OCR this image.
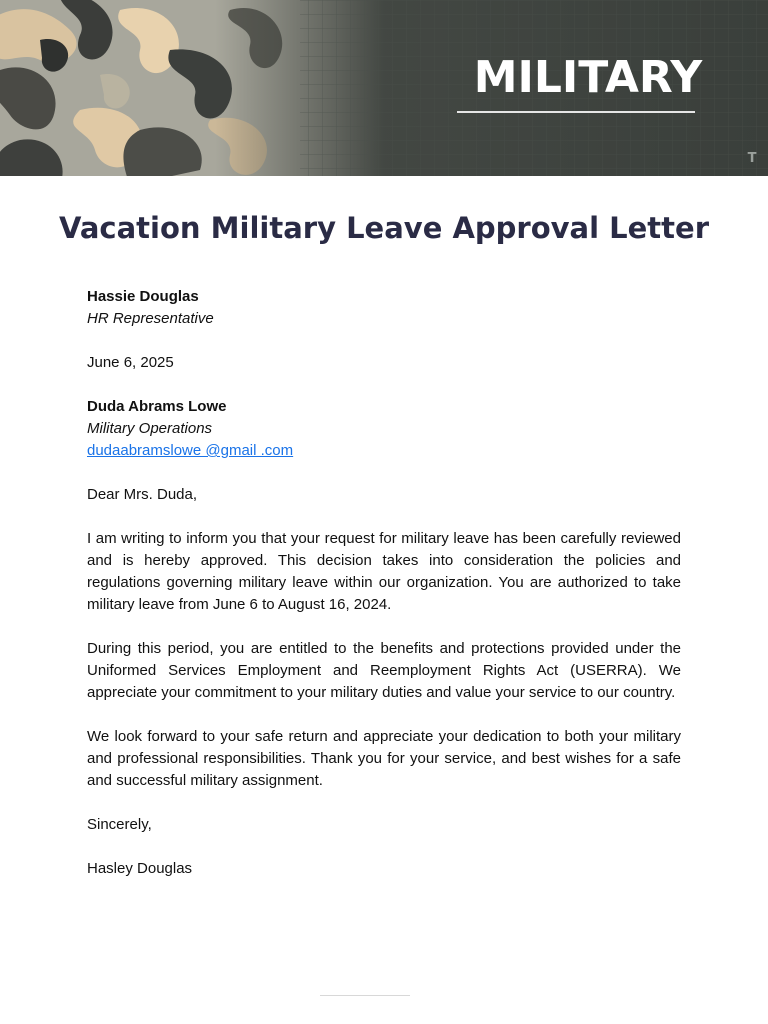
MILITARY
T
Vacation Military Leave Approval Letter

Hassie Douglas

HR Representative

June 6, 2025

Duda Abrams Lowe

Military Operations

dudaabramslowe @gmail .com

Dear Mrs. Duda,

I am writing to inform you that your request for military leave has been carefully reviewed and is hereby approved. This decision takes into consideration the policies and regulations governing military leave within our organization. You are authorized to take military leave from June 6 to August 16, 2024.

During this period, you are entitled to the benefits and protections provided under the Uniformed Services Employment and Reemployment Rights Act (USERRA). We appreciate your commitment to your military duties and value your service to our country.

We look forward to your safe return and appreciate your dedication to both your military and professional responsibilities. Thank you for your service, and best wishes for a safe and successful military assignment.

Sincerely,

Hasley Douglas
